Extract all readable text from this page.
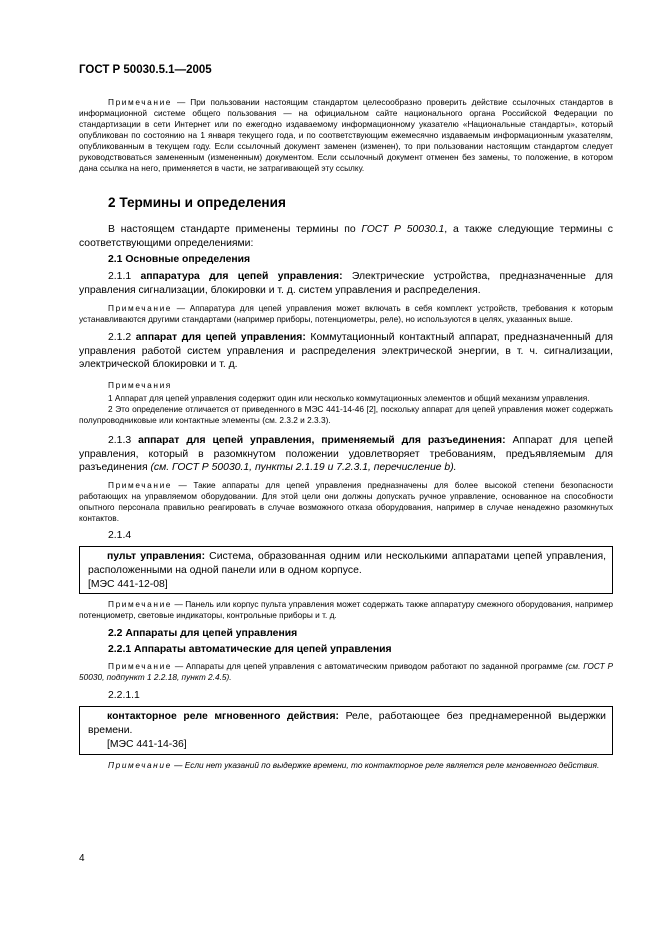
ГОСТ Р 50030.5.1—2005

Примечание — При пользовании настоящим стандартом целесообразно проверить действие ссылочных стандартов в информационной системе общего пользования — на официальном сайте национального органа Российской Федерации по стандартизации в сети Интернет или по ежегодно издаваемому информационному указателю «Национальные стандарты», который опубликован по состоянию на 1 января текущего года, и по соответствующим ежемесячно издаваемым информационным указателям, опубликованным в текущем году. Если ссылочный документ заменен (изменен), то при пользовании настоящим стандартом следует руководствоваться замененным (измененным) документом. Если ссылочный документ отменен без замены, то положение, в котором дана ссылка на него, применяется в части, не затрагивающей эту ссылку.

2 Термины и определения

В настоящем стандарте применены термины по ГОСТ Р 50030.1, а также следующие термины с соответствующими определениями:

2.1 Основные определения

2.1.1 аппаратура для цепей управления: Электрические устройства, предназначенные для управления сигнализации, блокировки и т. д. систем управления и распределения.

Примечание — Аппаратура для цепей управления может включать в себя комплект устройств, требования к которым устанавливаются другими стандартами (например приборы, потенциометры, реле), но используются в целях, указанных выше.

2.1.2 аппарат для цепей управления: Коммутационный контактный аппарат, предназначенный для управления работой систем управления и распределения электрической энергии, в т. ч. сигнализации, электрической блокировки и т. д.

Примечания

1 Аппарат для цепей управления содержит один или несколько коммутационных элементов и общий механизм управления.

2 Это определение отличается от приведенного в МЭС 441-14-46 [2], поскольку аппарат для цепей управления может содержать полупроводниковые или контактные элементы (см. 2.3.2 и 2.3.3).

2.1.3 аппарат для цепей управления, применяемый для разъединения: Аппарат для цепей управления, который в разомкнутом положении удовлетворяет требованиям, предъявляемым для разъединения (см. ГОСТ Р 50030.1, пункты 2.1.19 и 7.2.3.1, перечисление b).

Примечание — Такие аппараты для цепей управления предназначены для более высокой степени безопасности работающих на управляемом оборудовании. Для этой цели они должны допускать ручное управление, основанное на способности опытного персонала правильно реагировать в случае возможного отказа оборудования, например в случае ненадежно разомкнутых контактов.

2.1.4

пульт управления: Система, образованная одним или несколькими аппаратами цепей управления, расположенными на одной панели или в одном корпусе.

[МЭС 441-12-08]

Примечание — Панель или корпус пульта управления может содержать также аппаратуру смежного оборудования, например потенциометр, световые индикаторы, контрольные приборы и т. д.

2.2 Аппараты для цепей управления
2.2.1 Аппараты автоматические для цепей управления

Примечание — Аппараты для цепей управления с автоматическим приводом работают по заданной программе (см. ГОСТ Р 50030, подпункт 1 2.2.18, пункт 2.4.5).

2.2.1.1

контакторное реле мгновенного действия: Реле, работающее без преднамеренной выдержки времени.

[МЭС 441-14-36]

Примечание — Если нет указаний по выдержке времени, то контакторное реле является реле мгновенного действия.

4
